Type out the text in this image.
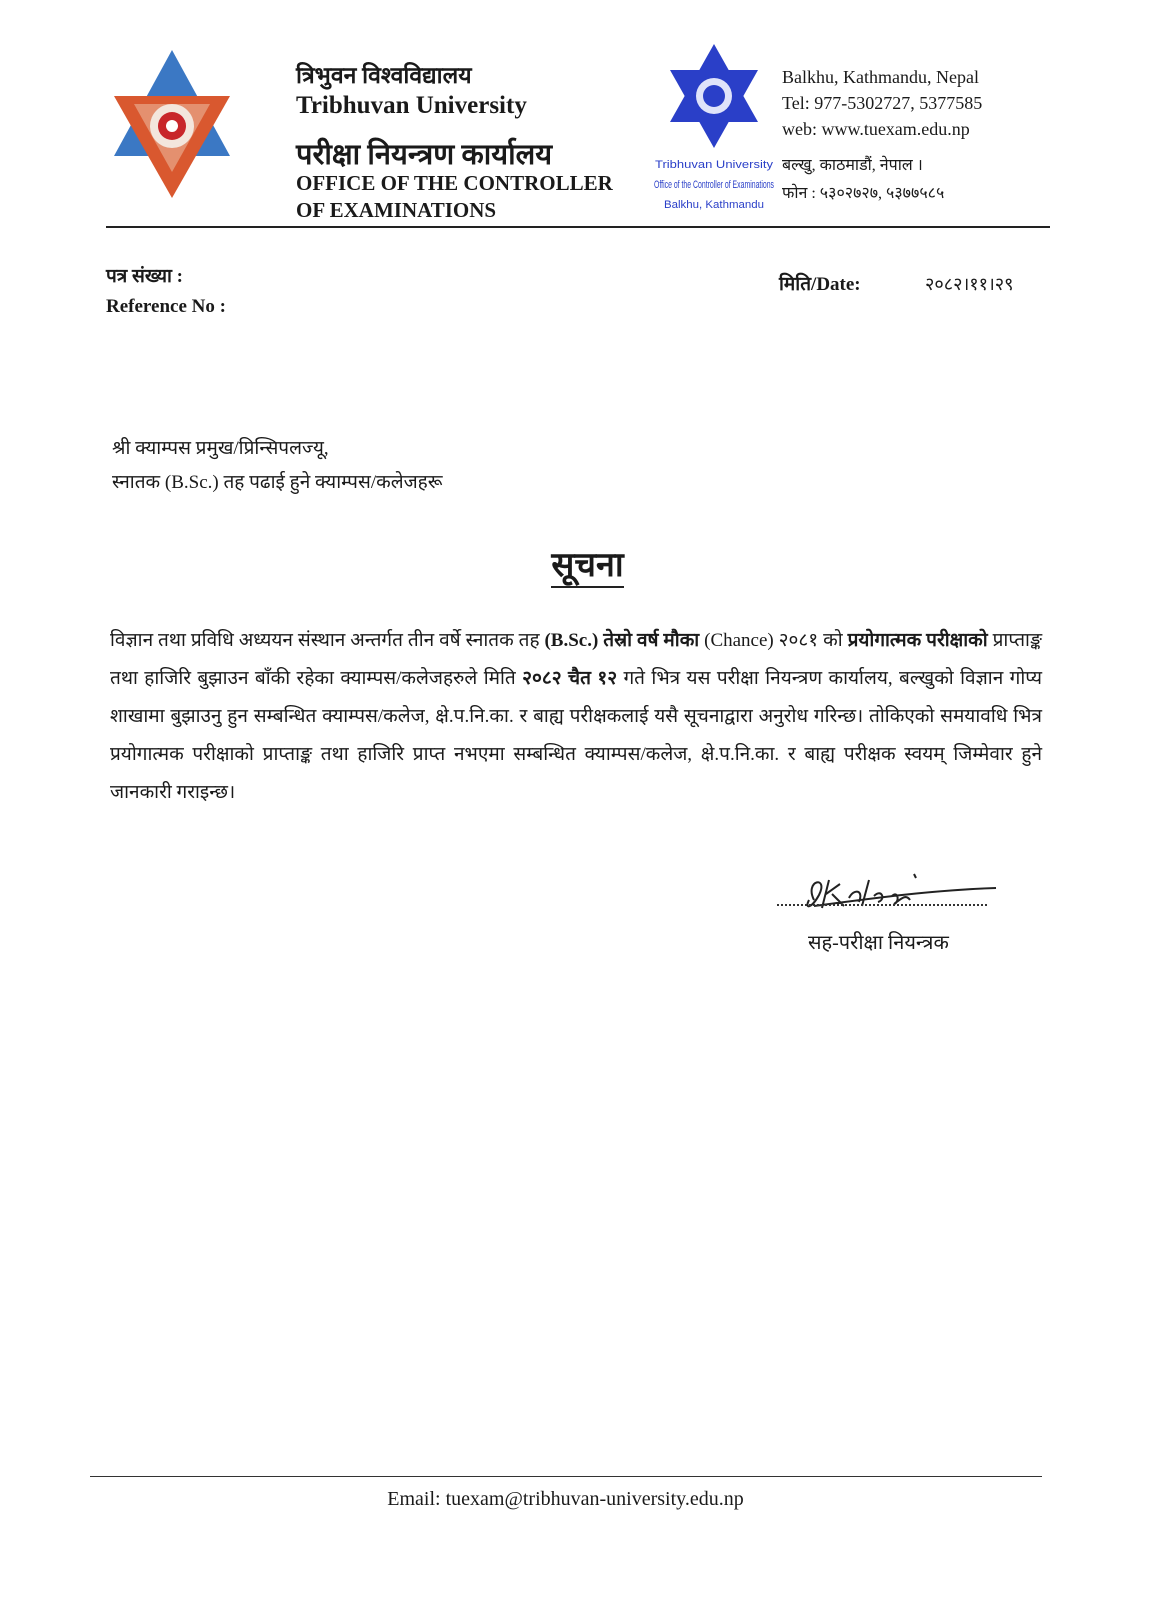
त्रिभुवन विश्वविद्यालय
Tribhuvan University
परीक्षा नियन्त्रण कार्यालय
OFFICE OF THE CONTROLLER
OF EXAMINATIONS
Tribhuvan University
Office of the Controller of Examinations
Balkhu, Kathmandu
Balkhu, Kathmandu, Nepal
Tel: 977-5302727, 5377585
web: www.tuexam.edu.np
बल्खु, काठमाडौं, नेपाल ।
फोन : ५३०२७२७, ५३७७५८५
पत्र संख्या :
Reference No :
मिति/Date:	२०८२।११।२९
श्री क्याम्पस प्रमुख/प्रिन्सिपलज्यू,
स्नातक (B.Sc.) तह पढाई हुने क्याम्पस/कलेजहरू
सूचना
विज्ञान तथा प्रविधि अध्ययन संस्थान अन्तर्गत तीन वर्षे स्नातक तह (B.Sc.) तेस्रो वर्ष मौका (Chance) २०८१ को प्रयोगात्मक परीक्षाको प्राप्ताङ्क तथा हाजिरि बुझाउन बाँकी रहेका क्याम्पस/कलेजहरुले मिति २०८२ चैत १२ गते भित्र यस परीक्षा नियन्त्रण कार्यालय, बल्खुको विज्ञान गोप्य शाखामा बुझाउनु हुन सम्बन्धित क्याम्पस/कलेज, क्षे.प.नि.का. र बाह्य परीक्षकलाई यसै सूचनाद्वारा अनुरोध गरिन्छ। तोकिएको समयावधि भित्र प्रयोगात्मक परीक्षाको प्राप्ताङ्क तथा हाजिरि प्राप्त नभएमा सम्बन्धित क्याम्पस/कलेज, क्षे.प.नि.का. र बाह्य परीक्षक स्वयम् जिम्मेवार हुने जानकारी गराइन्छ।
सह-परीक्षा नियन्त्रक
Email: tuexam@tribhuvan-university.edu.np
